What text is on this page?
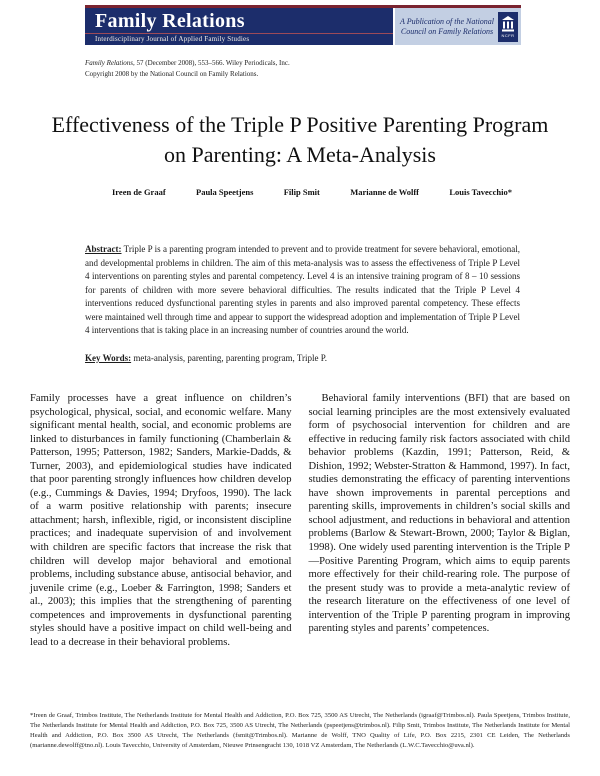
Family Relations
Interdisciplinary Journal of Applied Family Studies
A Publication of the National Council on Family Relations	NCFR
Family Relations, 57 (December 2008), 553–566. Wiley Periodicals, Inc.
Copyright 2008 by the National Council on Family Relations.
Effectiveness of the Triple P Positive Parenting Program on Parenting: A Meta-Analysis
Ireen de Graaf	Paula Speetjens	Filip Smit	Marianne de Wolff	Louis Tavecchio*
Abstract: Triple P is a parenting program intended to prevent and to provide treatment for severe behavioral, emotional, and developmental problems in children. The aim of this meta-analysis was to assess the effectiveness of Triple P Level 4 interventions on parenting styles and parental competency. Level 4 is an intensive training program of 8 – 10 sessions for parents of children with more severe behavioral difficulties. The results indicated that the Triple P Level 4 interventions reduced dysfunctional parenting styles in parents and also improved parental competency. These effects were maintained well through time and appear to support the widespread adoption and implementation of Triple P Level 4 interventions that is taking place in an increasing number of countries around the world.
Key Words: meta-analysis, parenting, parenting program, Triple P.
Family processes have a great influence on children’s psychological, physical, social, and economic welfare. Many significant mental health, social, and economic problems are linked to disturbances in family functioning (Chamberlain & Patterson, 1995; Patterson, 1982; Sanders, Markie-Dadds, & Turner, 2003), and epidemiological studies have indicated that poor parenting strongly influences how children develop (e.g., Cummings & Davies, 1994; Dryfoos, 1990). The lack of a warm positive relationship with parents; insecure attachment; harsh, inflexible, rigid, or inconsistent discipline practices; and inadequate supervision of and involvement with children are specific factors that increase the risk that children will develop major behavioral and emotional problems, including substance abuse, antisocial behavior, and juvenile crime (e.g., Loeber & Farrington, 1998; Sanders et al., 2003); this implies that the strengthening of parenting competences and improvements in dysfunctional parenting styles should have a positive impact on child well-being and lead to a decrease in their behavioral problems.
Behavioral family interventions (BFI) that are based on social learning principles are the most extensively evaluated form of psychosocial intervention for children and are effective in reducing family risk factors associated with child behavior problems (Kazdin, 1991; Patterson, Reid, & Dishion, 1992; Webster-Stratton & Hammond, 1997). In fact, studies demonstrating the efficacy of parenting interventions have shown improvements in parental perceptions and parenting skills, improvements in children’s social skills and school adjustment, and reductions in behavioral and attention problems (Barlow & Stewart-Brown, 2000; Taylor & Biglan, 1998). One widely used parenting intervention is the Triple P—Positive Parenting Program, which aims to equip parents more effectively for their child-rearing role. The purpose of the present study was to provide a meta-analytic review of the research literature on the effectiveness of one level of intervention of the Triple P parenting program in improving parenting styles and parents’ competences.
*Ireen de Graaf, Trimbos Institute, The Netherlands Institute for Mental Health and Addiction, P.O. Box 725, 3500 AS Utrecht, The Netherlands (igraaf@Trimbos.nl). Paula Speetjens, Trimbos Institute, The Netherlands Institute for Mental Health and Addiction, P.O. Box 725, 3500 AS Utrecht, The Netherlands (pspeetjens@trimbos.nl). Filip Smit, Trimbos Institute, The Netherlands Institute for Mental Health and Addiction, P.O. Box 3500 AS Utrecht, The Netherlands (fsmit@Trimbos.nl). Marianne de Wolff, TNO Quality of Life, P.O. Box 2215, 2301 CE Leiden, The Netherlands (marianne.dewolff@tno.nl). Louis Tavecchio, University of Amsterdam, Nieuwe Prinsengracht 130, 1018 VZ Amsterdam, The Netherlands (L.W.C.Tavecchio@uva.nl).
